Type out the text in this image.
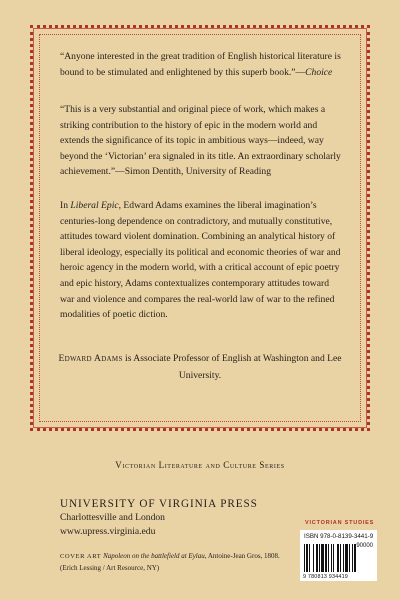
“Anyone interested in the great tradition of English historical literature is bound to be stimulated and enlightened by this superb book.”—Choice

“This is a very substantial and original piece of work, which makes a striking contribution to the history of epic in the modern world and extends the significance of its topic in ambitious ways—indeed, way beyond the ‘Victorian’ era signaled in its title. An extraordinary scholarly achievement.”—Simon Dentith, University of Reading

In Liberal Epic, Edward Adams examines the liberal imagination’s centuries-long dependence on contradictory, and mutually constitutive, attitudes toward violent domination. Combining an analytical history of liberal ideology, especially its political and economic theories of war and heroic agency in the modern world, with a critical account of epic poetry and epic history, Adams contextualizes contemporary attitudes toward war and violence and compares the real-world law of war to the refined modalities of poetic diction.

Edward Adams is Associate Professor of English at Washington and Lee University.

Victorian Literature and Culture Series
UNIVERSITY OF VIRGINIA PRESS
Charlottesville and London
www.upress.virginia.edu
COVER ART Napoleon on the battlefield at Eylau, Antoine-Jean Gros, 1808. (Erich Lessing / Art Resource, NY)
VICTORIAN STUDIES
ISBN 978-0-8139-3441-9
90000
9 780813 934419
